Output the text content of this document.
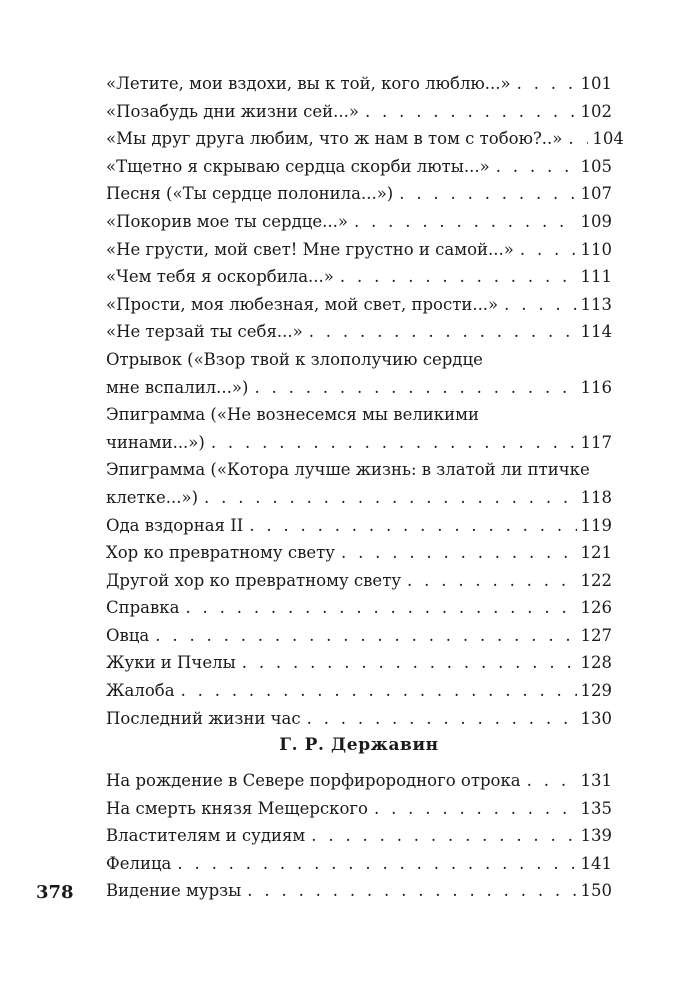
«Летите, мои вздохи, вы к той, кого люблю...» . . .	101
«Позабудь дни жизни сей...» . . .	102
«Мы друг друга любим, что ж нам в том с тобою?..» . . . 104
«Тщетно я скрываю сердца скорби люты...» . . .	105
Песня («Ты сердце полонила...») . . .	107
«Покорив мое ты сердце...» . . .	109
«Не грусти, мой свет! Мне грустно и самой...» . . .	110
«Чем тебя я оскорбила...» . . .	111
«Прости, моя любезная, мой свет, прости...» . . .	113
«Не терзай ты себя...» . . .	114
Отрывок («Взор твой к злополучию сердце
мне вспалил...») . . .	116
Эпиграмма («Не вознесемся мы великими
чинами...») . . .	117
Эпиграмма («Котора лучше жизнь: в златой ли птичке
клетке...») . . .	118
Ода вздорная II . . .	119
Хор ко превратному свету . . .	121
Другой хор ко превратному свету . . .	122
Справка . . .	126
Овца . . .	127
Жуки и Пчелы . . .	128
Жалоба . . .	129
Последний жизни час . . .	130
Г. Р. Державин
На рождение в Севере порфирородного отрока . . .	131
На смерть князя Мещерского . . .	135
Властителям и судиям . . .	139
Фелица . . .	141
Видение мурзы . . .	150
378
